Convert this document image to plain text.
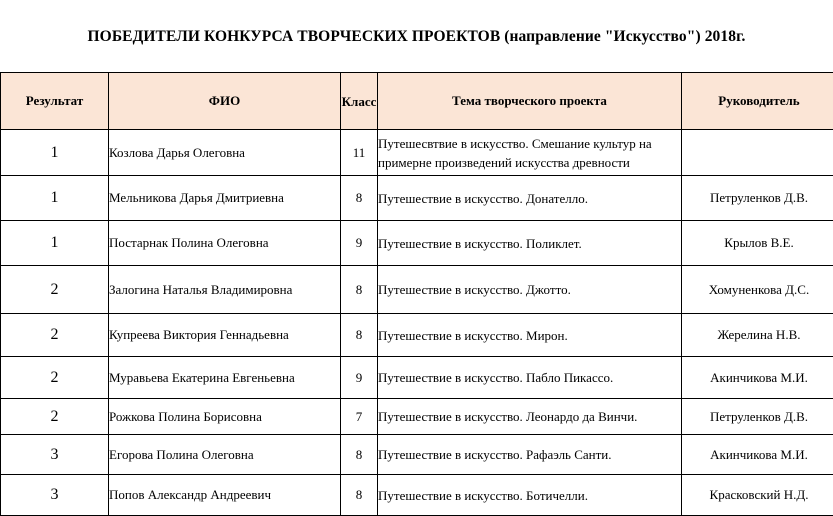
ПОБЕДИТЕЛИ КОНКУРСА ТВОРЧЕСКИХ ПРОЕКТОВ (направление "Искусство") 2018г.
Результат	ФИО	Класс	Тема творческого проекта	Руководитель
1	Козлова Дарья Олеговна	11	Путешесвтвие в искусство. Смешание культур на примерне произведений искусства древности	
1	Мельникова Дарья Дмитриевна	8	Путешествие в искусство. Донателло.	Петруленков Д.В.
1	Постарнак Полина Олеговна	9	Путешествие в искусство. Поликлет.	Крылов В.Е.
2	Залогина Наталья Владимировна	8	Путешествие в искусство. Джотто.	Хомуненкова Д.С.
2	Купреева Виктория Геннадьевна	8	Путешествие в искусство. Мирон.	Жерелина Н.В.
2	Муравьева Екатерина Евгеньевна	9	Путешествие в искусство. Пабло Пикассо.	Акинчикова М.И.
2	Рожкова Полина Борисовна	7	Путешествие в искусство. Леонардо да Винчи.	Петруленков Д.В.
3	Егорова Полина Олеговна	8	Путешествие в искусство. Рафаэль Санти.	Акинчикова М.И.
3	Попов Александр Андреевич	8	Путешествие в искусство. Ботичелли.	Красковский Н.Д.
